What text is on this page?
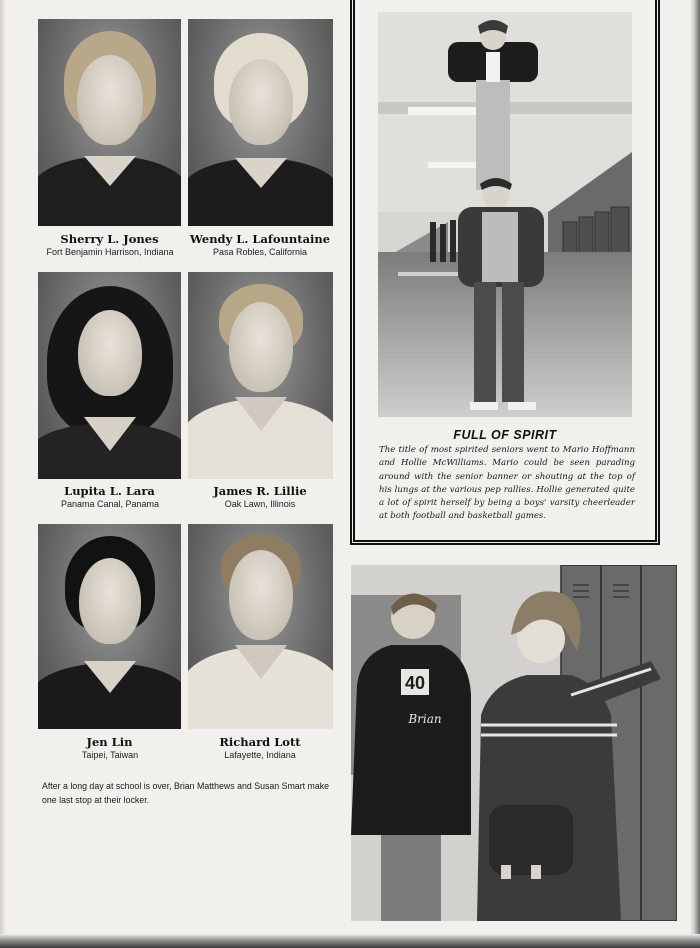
Sherry L. Jones
Fort Benjamin Harrison, Indiana
Wendy L. Lafountaine
Pasa Robles, California
Lupita L. Lara
Panama Canal, Panama
James R. Lillie
Oak Lawn, Illinois
Jen Lin
Taipei, Taiwan
Richard Lott
Lafayette, Indiana
FULL OF SPIRIT
The title of most spirited seniors went to Mario Hoffmann and Hollie McWilliams. Mario could be seen parading around with the senior banner or shouting at the top of his lungs at the various pep rallies. Hollie generated quite a lot of spirit herself by being a boys' varsity cheerleader at both football and basketball games.
40
Brian
After a long day at school is over, Brian Matthews and Susan Smart make one last stop at their locker.
